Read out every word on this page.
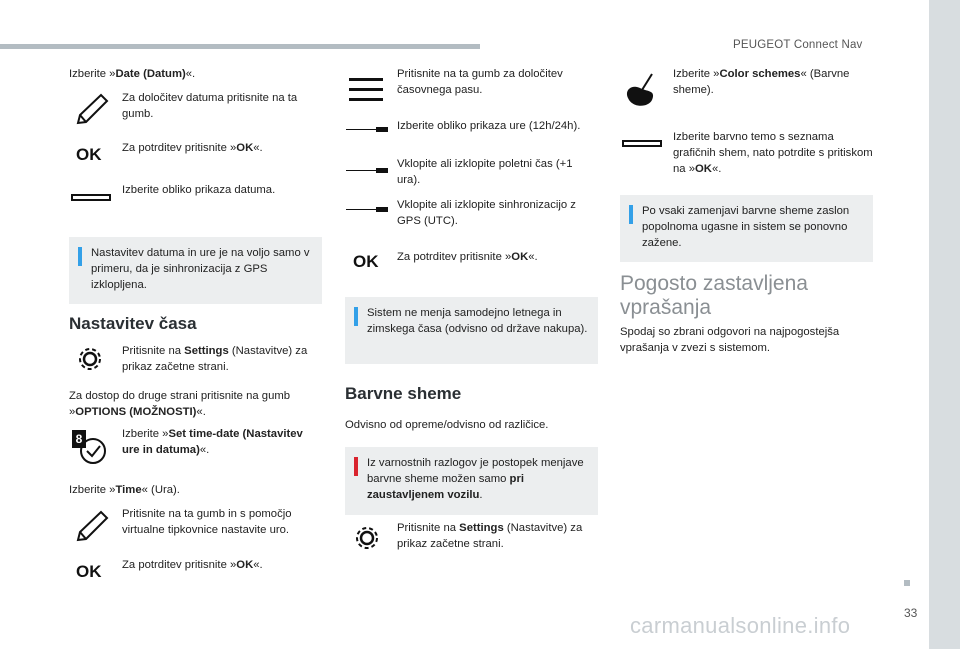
PEUGEOT Connect Nav
33
Izberite »Date (Datum)«.
Za določitev datuma pritisnite na ta gumb.
OK Za potrditev pritisnite »OK«.
Izberite obliko prikaza datuma.
Nastavitev datuma in ure je na voljo samo v primeru, da je sinhronizacija z GPS izklopljena.
Nastavitev časa
Pritisnite na Settings (Nastavitve) za prikaz začetne strani.
Za dostop do druge strani pritisnite na gumb »OPTIONS (MOŽNOSTI)«.
8	Izberite »Set time-date (Nastavitev ure in datuma)«.
Izberite »Time« (Ura).
Pritisnite na ta gumb in s pomočjo virtualne tipkovnice nastavite uro.
OK Za potrditev pritisnite »OK«.
Pritisnite na ta gumb za določitev časovnega pasu.
Izberite obliko prikaza ure (12h/24h).
Vklopite ali izklopite poletni čas (+1 ura).
Vklopite ali izklopite sinhronizacijo z GPS (UTC).
OK Za potrditev pritisnite »OK«.
Sistem ne menja samodejno letnega in zimskega časa (odvisno od države nakupa).
Barvne sheme
Odvisno od opreme/odvisno od različice.
Iz varnostnih razlogov je postopek menjave barvne sheme možen samo pri zaustavljenem vozilu.
Pritisnite na Settings (Nastavitve) za prikaz začetne strani.
Izberite »Color schemes« (Barvne sheme).
Izberite barvno temo s seznama grafičnih shem, nato potrdite s pritiskom na »OK«.
Po vsaki zamenjavi barvne sheme zaslon popolnoma ugasne in sistem se ponovno zažene.
Pogosto zastavljena vprašanja
Spodaj so zbrani odgovori na najpogostejša vprašanja v zvezi s sistemom.
carmanualsonline.info
